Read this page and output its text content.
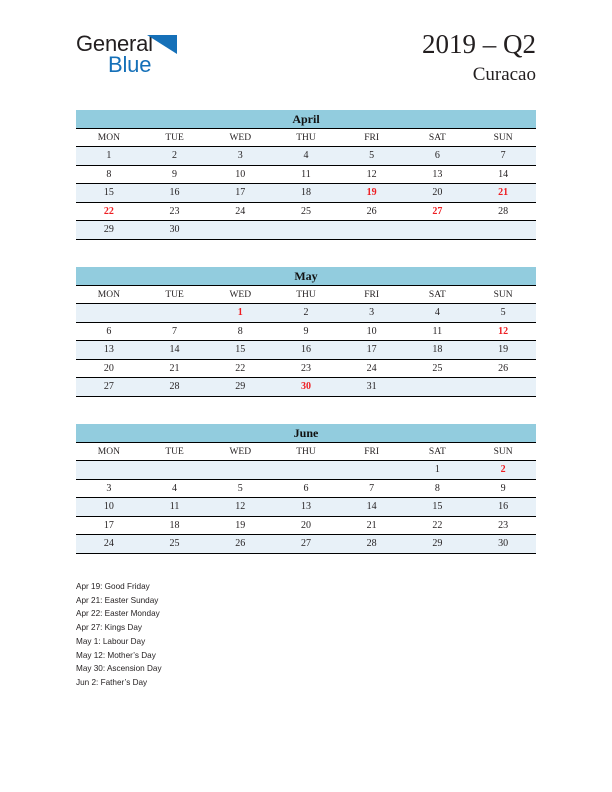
General
Blue
2019 – Q2
Curacao
April						
MON	TUE	WED	THU	FRI	SAT	SUN
1	2	3	4	5	6	7
8	9	10	11	12	13	14
15	16	17	18	19	20	21
22	23	24	25	26	27	28
29	30					
May						
MON	TUE	WED	THU	FRI	SAT	SUN
		1	2	3	4	5
6	7	8	9	10	11	12
13	14	15	16	17	18	19
20	21	22	23	24	25	26
27	28	29	30	31		
June						
MON	TUE	WED	THU	FRI	SAT	SUN
					1	2
3	4	5	6	7	8	9
10	11	12	13	14	15	16
17	18	19	20	21	22	23
24	25	26	27	28	29	30
Apr 19: Good Friday
Apr 21: Easter Sunday
Apr 22: Easter Monday
Apr 27: Kings Day
May 1: Labour Day
May 12: Mother’s Day
May 30: Ascension Day
Jun 2: Father’s Day
